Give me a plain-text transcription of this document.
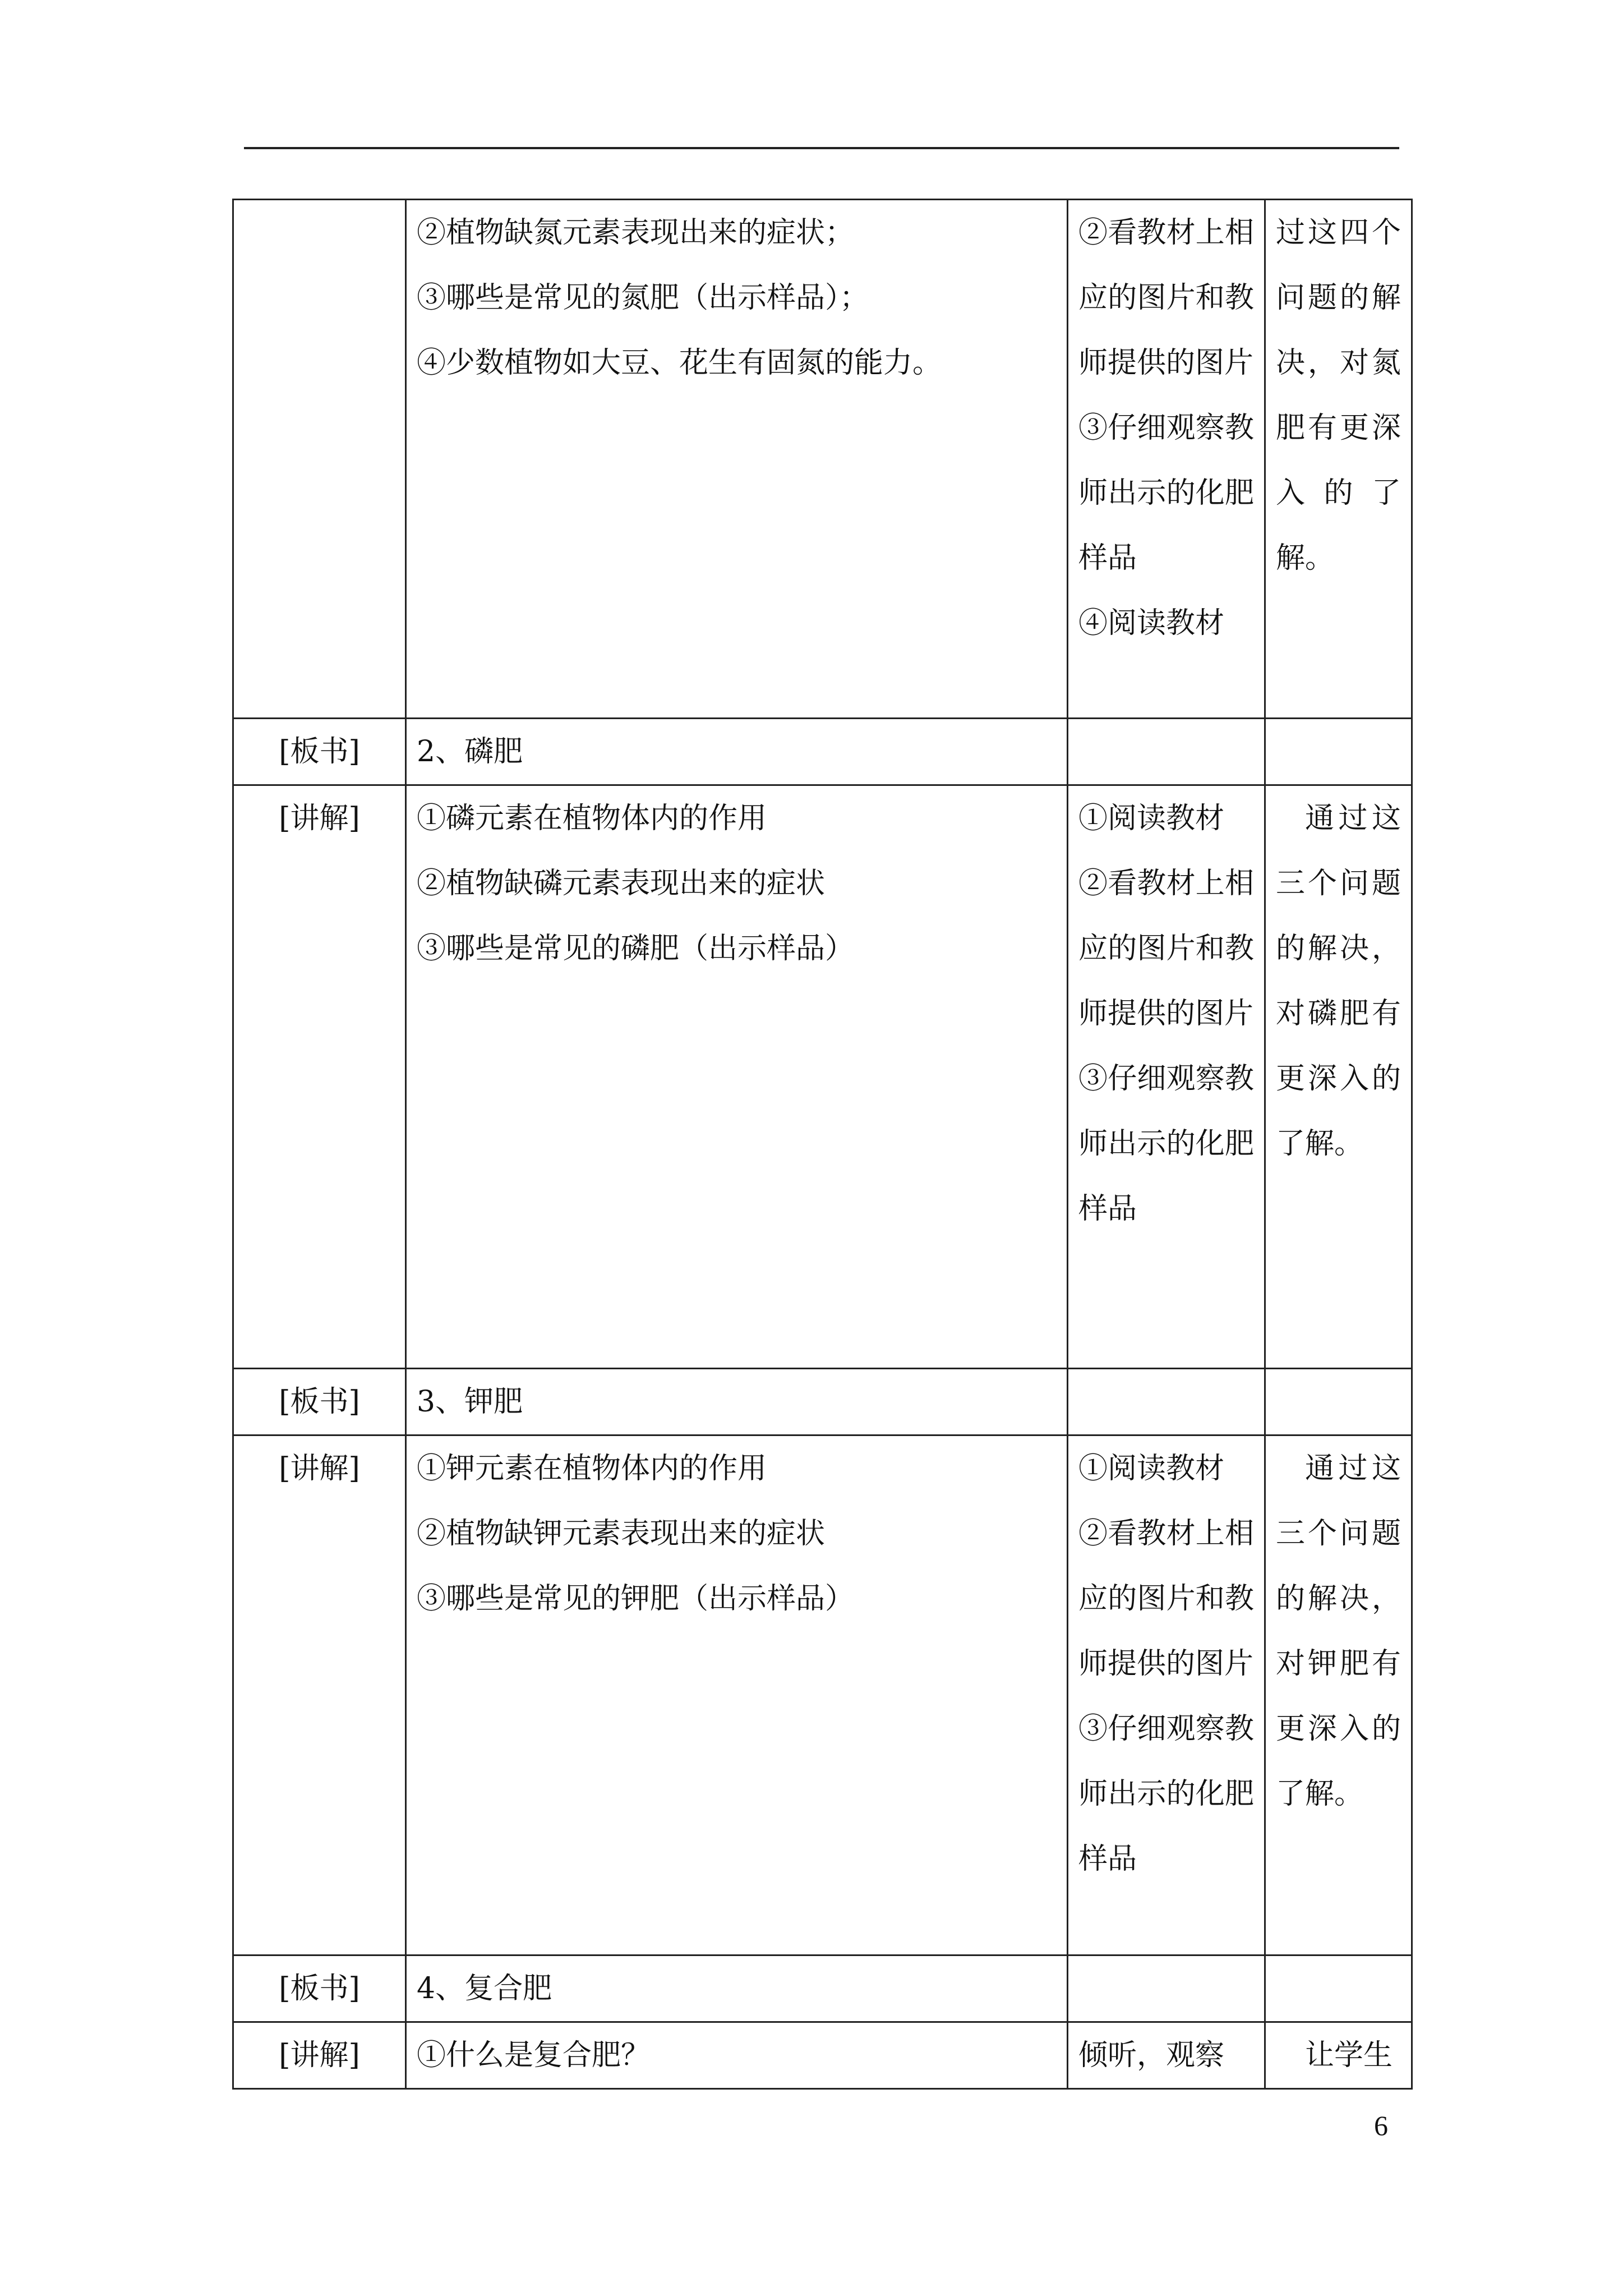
	②植物缺氮元素表现出来的症状；
③哪些是常见的氮肥（出示样品）；
④少数植物如大豆、花生有固氮的能力。	②看教材上相应的图片和教师提供的图片
③仔细观察教师出示的化肥样品
④阅读教材	过这四个问题的解决，对氮肥有更深入的了解。

[板书]	2、磷肥		

[讲解]	①磷元素在植物体内的作用
②植物缺磷元素表现出来的症状
③哪些是常见的磷肥（出示样品）	①阅读教材
②看教材上相应的图片和教师提供的图片
③仔细观察教师出示的化肥样品	通过这三个问题的解决，对磷肥有更深入的了解。

[板书]	3、钾肥		

[讲解]	①钾元素在植物体内的作用
②植物缺钾元素表现出来的症状
③哪些是常见的钾肥（出示样品）	①阅读教材
②看教材上相应的图片和教师提供的图片
③仔细观察教师出示的化肥样品	通过这三个问题的解决，对钾肥有更深入的了解。

[板书]	4、复合肥		

[讲解]	①什么是复合肥？	倾听，观察	让学生
6
